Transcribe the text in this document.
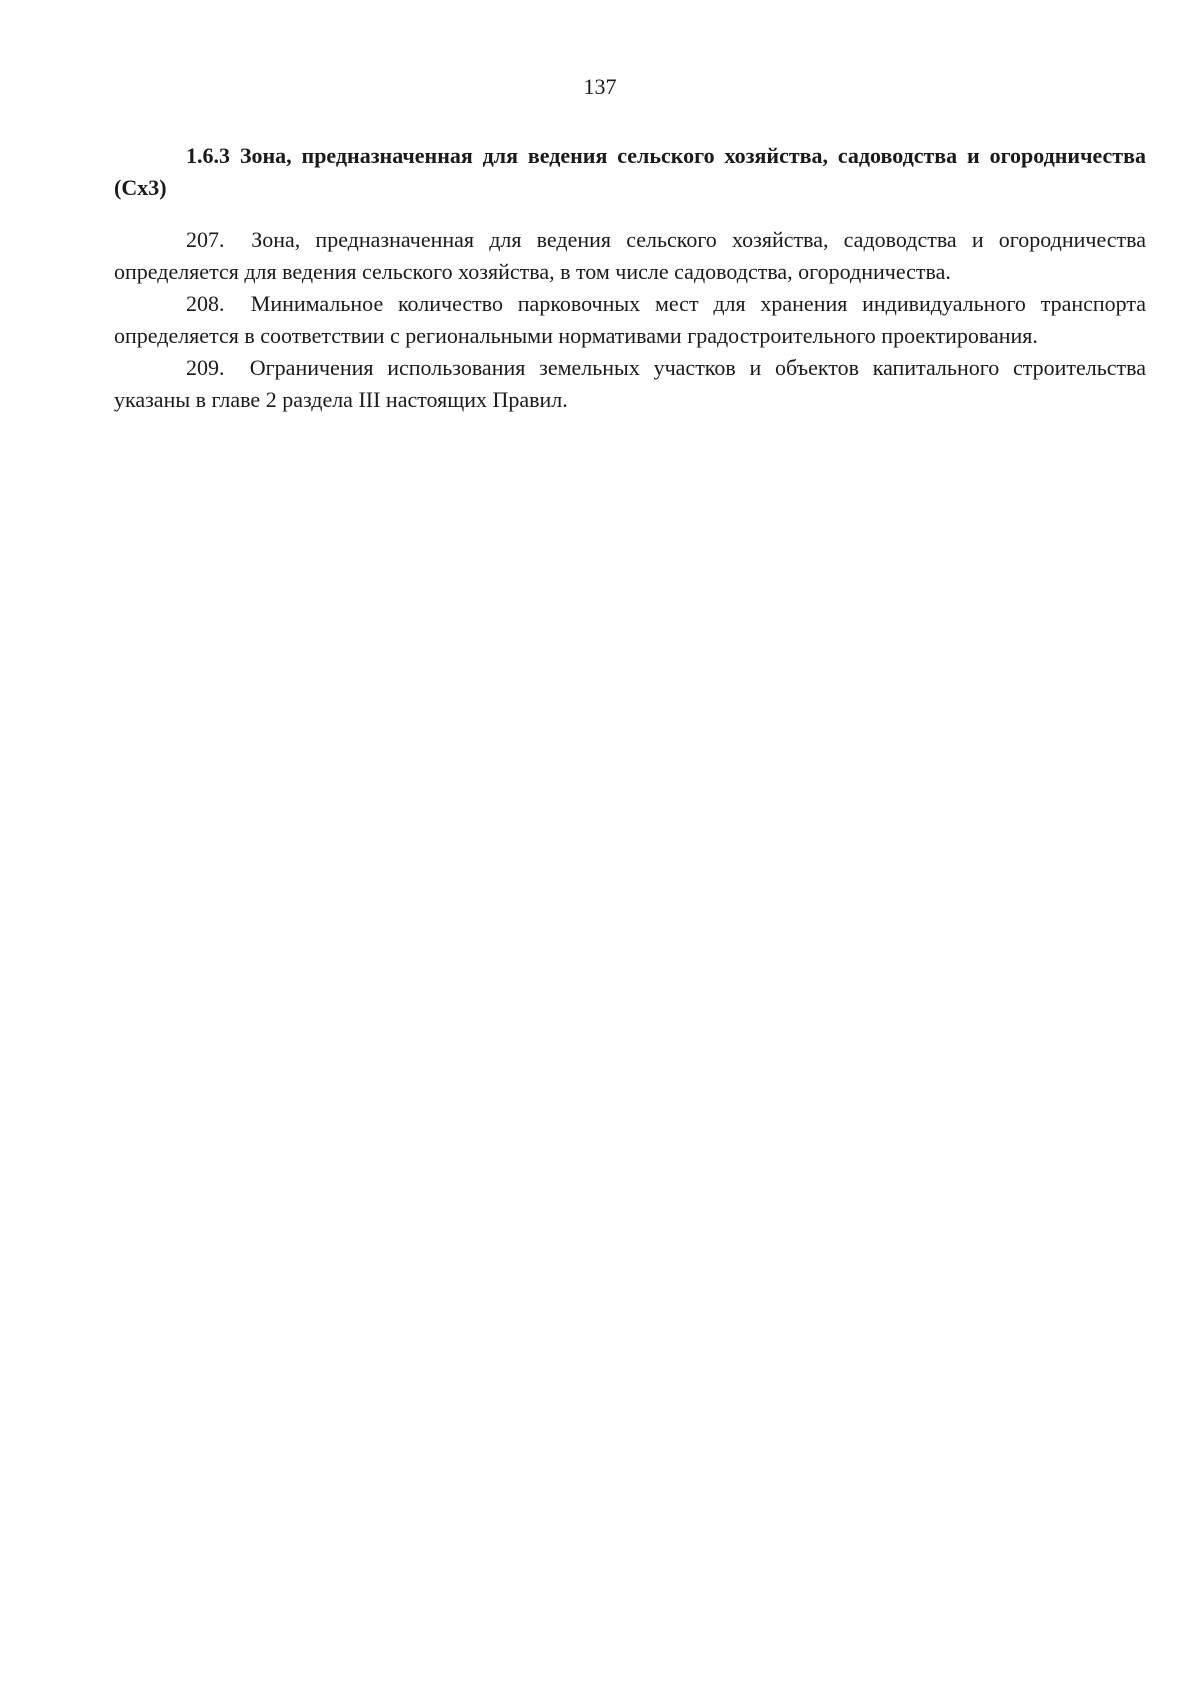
137

1.6.3 Зона, предназначенная для ведения сельского хозяйства, садоводства и огородничества (Сх3)

207. Зона, предназначенная для ведения сельского хозяйства, садоводства и огородничества определяется для ведения сельского хозяйства, в том числе садоводства, огородничества.

208. Минимальное количество парковочных мест для хранения индивидуального транспорта определяется в соответствии с региональными нормативами градостроительного проектирования.

209. Ограничения использования земельных участков и объектов капитального строительства указаны в главе 2 раздела III настоящих Правил.
